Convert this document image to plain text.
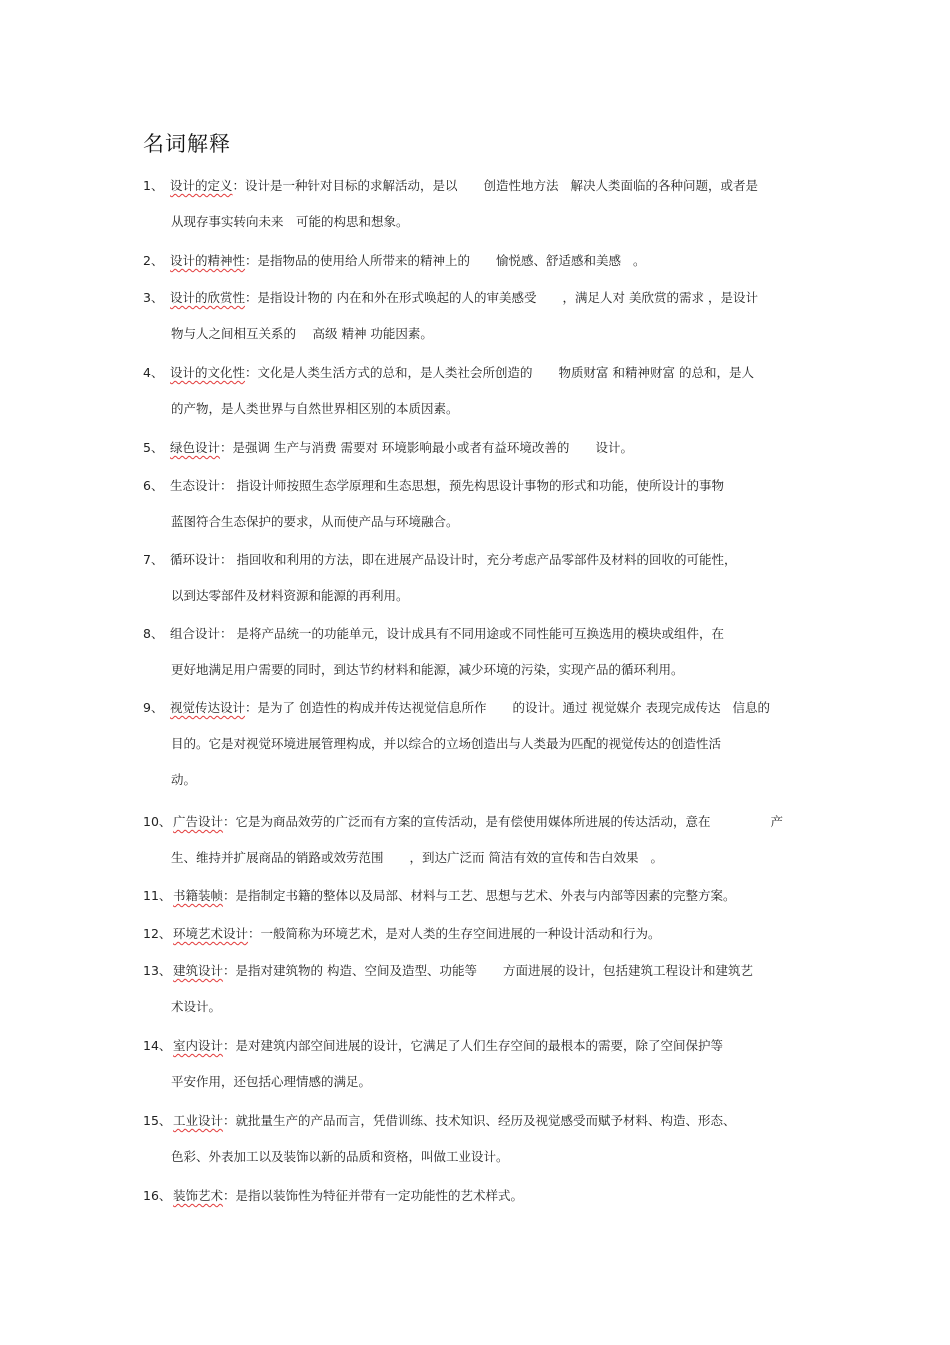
名词解释
1、 设计的定义：设计是一种针对目标的求解活动，是以 创造性地方法 解决人类面临的各种问题，或者是
从现存事实转向未来　可能的构思和想象。
2、 设计的精神性：是指物品的使用给人所带来的精神上的 愉悦感、舒适感和美感 。
3、 设计的欣赏性：是指设计物的 内在和外在形式唤起的人的审美感受 ，满足人对 美欣赏的需求 ，是设计
物与人之间相互关系的　 高级 精神 功能因素。
4、 设计的文化性：文化是人类生活方式的总和，是人类社会所创造的 物质财富 和精神财富 的总和，是人
的产物，是人类世界与自然世界相区别的本质因素。
5、 绿色设计：是强调 生产与消费 需要对 环境影响最小或者有益环境改善的 设计。
6、 生态设计： 指设计师按照生态学原理和生态思想，预先构思设计事物的形式和功能，使所设计的事物
蓝图符合生态保护的要求，从而使产品与环境融合。
7、 循环设计： 指回收和利用的方法，即在进展产品设计时，充分考虑产品零部件及材料的回收的可能性，
以到达零部件及材料资源和能源的再利用。
8、 组合设计： 是将产品统一的功能单元，设计成具有不同用途或不同性能可互换选用的模块或组件，在
更好地满足用户需要的同时，到达节约材料和能源，减少环境的污染，实现产品的循环利用。
9、 视觉传达设计：是为了 创造性的构成并传达视觉信息所作 的设计。通过 视觉媒介 表现完成传达 信息的
目的。它是对视觉环境进展管理构成，并以综合的立场创造出与人类最为匹配的视觉传达的创造性活
动。
10、 广告设计：它是为商品效劳的广泛而有方案的宣传活动，是有偿使用媒体所进展的传达活动，意在	产
生、维持并扩展商品的销路或效劳范围 ，到达广泛而 简洁有效的宣传和告白效果 。
11、 书籍装帧：是指制定书籍的整体以及局部、材料与工艺、思想与艺术、外表与内部等因素的完整方案。
12、 环境艺术设计：一般简称为环境艺术，是对人类的生存空间进展的一种设计活动和行为。
13、 建筑设计：是指对建筑物的 构造、空间及造型、功能等 方面进展的设计，包括建筑工程设计和建筑艺
术设计。
14、 室内设计：是对建筑内部空间进展的设计，它满足了人们生存空间的最根本的需要，除了空间保护等
平安作用，还包括心理情感的满足。
15、 工业设计：就批量生产的产品而言，凭借训练、技术知识、经历及视觉感受而赋予材料、构造、形态、
色彩、外表加工以及装饰以新的品质和资格，叫做工业设计。
16、 装饰艺术：是指以装饰性为特征并带有一定功能性的艺术样式。
